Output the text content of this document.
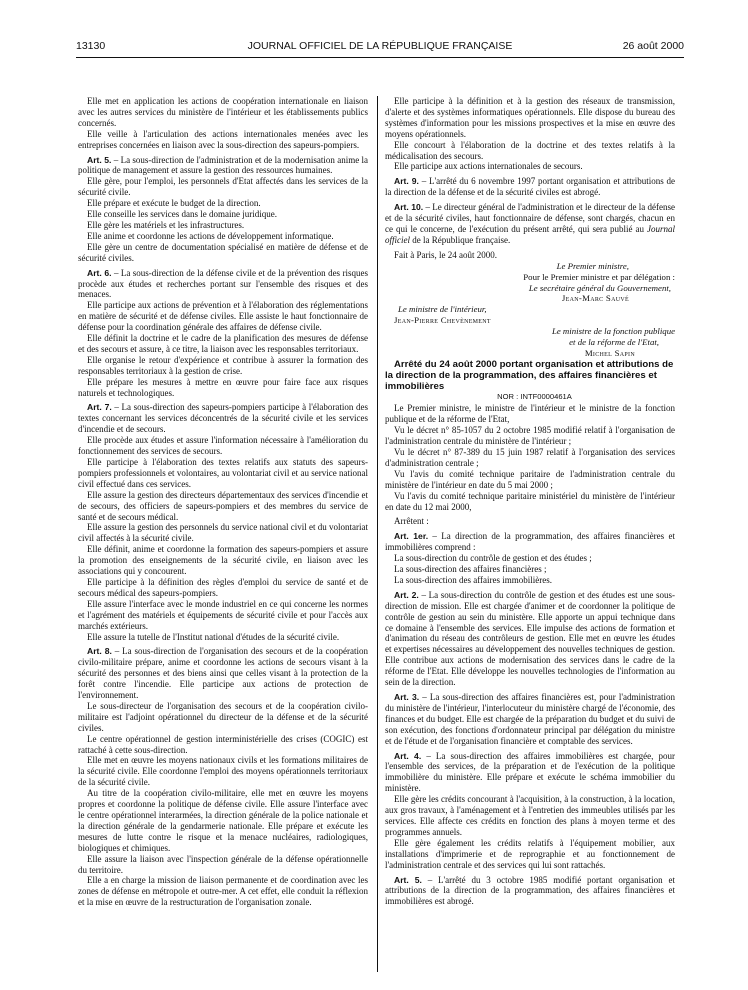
13130	JOURNAL OFFICIEL DE LA RÉPUBLIQUE FRANÇAISE	26 août 2000

Elle met en application les actions de coopération internationale en liaison avec les autres services du ministère de l'intérieur et les établissements publics concernés.

Elle veille à l'articulation des actions internationales menées avec les entreprises concernées en liaison avec la sous-direction des sapeurs-pompiers.

Art. 5. – La sous-direction de l'administration et de la modernisation anime la politique de management et assure la gestion des ressources humaines.

Elle gère, pour l'emploi, les personnels d'Etat affectés dans les services de la sécurité civile.

Elle prépare et exécute le budget de la direction.

Elle conseille les services dans le domaine juridique.

Elle gère les matériels et les infrastructures.

Elle anime et coordonne les actions de développement informatique.

Elle gère un centre de documentation spécialisé en matière de défense et de sécurité civiles.

Art. 6. – La sous-direction de la défense civile et de la prévention des risques procède aux études et recherches portant sur l'ensemble des risques et des menaces.

Elle participe aux actions de prévention et à l'élaboration des réglementations en matière de sécurité et de défense civiles. Elle assiste le haut fonctionnaire de défense pour la coordination générale des affaires de défense civile.

Elle définit la doctrine et le cadre de la planification des mesures de défense et des secours et assure, à ce titre, la liaison avec les responsables territoriaux.

Elle organise le retour d'expérience et contribue à assurer la formation des responsables territoriaux à la gestion de crise.

Elle prépare les mesures à mettre en œuvre pour faire face aux risques naturels et technologiques.

Art. 7. – La sous-direction des sapeurs-pompiers participe à l'élaboration des textes concernant les services déconcentrés de la sécurité civile et les services d'incendie et de secours.

Elle procède aux études et assure l'information nécessaire à l'amélioration du fonctionnement des services de secours.

Elle participe à l'élaboration des textes relatifs aux statuts des sapeurs-pompiers professionnels et volontaires, au volontariat civil et au service national civil effectué dans ces services.

Elle assure la gestion des directeurs départementaux des services d'incendie et de secours, des officiers de sapeurs-pompiers et des membres du service de santé et de secours médical.

Elle assure la gestion des personnels du service national civil et du volontariat civil affectés à la sécurité civile.

Elle définit, anime et coordonne la formation des sapeurs-pompiers et assure la promotion des enseignements de la sécurité civile, en liaison avec les associations qui y concourent.

Elle participe à la définition des règles d'emploi du service de santé et de secours médical des sapeurs-pompiers.

Elle assure l'interface avec le monde industriel en ce qui concerne les normes et l'agrément des matériels et équipements de sécurité civile et pour l'accès aux marchés extérieurs.

Elle assure la tutelle de l'Institut national d'études de la sécurité civile.

Art. 8. – La sous-direction de l'organisation des secours et de la coopération civilo-militaire prépare, anime et coordonne les actions de secours visant à la sécurité des personnes et des biens ainsi que celles visant à la protection de la forêt contre l'incendie. Elle participe aux actions de protection de l'environnement.

Le sous-directeur de l'organisation des secours et de la coopération civilo-militaire est l'adjoint opérationnel du directeur de la défense et de la sécurité civiles.

Le centre opérationnel de gestion interministérielle des crises (COGIC) est rattaché à cette sous-direction.

Elle met en œuvre les moyens nationaux civils et les formations militaires de la sécurité civile. Elle coordonne l'emploi des moyens opérationnels territoriaux de la sécurité civile.

Au titre de la coopération civilo-militaire, elle met en œuvre les moyens propres et coordonne la politique de défense civile. Elle assure l'interface avec le centre opérationnel interarmées, la direction générale de la police nationale et la direction générale de la gendarmerie nationale. Elle prépare et exécute les mesures de lutte contre le risque et la menace nucléaires, radiologiques, biologiques et chimiques.

Elle assure la liaison avec l'inspection générale de la défense opérationnelle du territoire.

Elle a en charge la mission de liaison permanente et de coordination avec les zones de défense en métropole et outre-mer. A cet effet, elle conduit la réflexion et la mise en œuvre de la restructuration de l'organisation zonale.

Elle participe à la définition et à la gestion des réseaux de transmission, d'alerte et des systèmes informatiques opérationnels. Elle dispose du bureau des systèmes d'information pour les missions prospectives et la mise en œuvre des moyens opérationnels.

Elle concourt à l'élaboration de la doctrine et des textes relatifs à la médicalisation des secours.

Elle participe aux actions internationales de secours.

Art. 9. – L'arrêté du 6 novembre 1997 portant organisation et attributions de la direction de la défense et de la sécurité civiles est abrogé.

Art. 10. – Le directeur général de l'administration et le directeur de la défense et de la sécurité civiles, haut fonctionnaire de défense, sont chargés, chacun en ce qui le concerne, de l'exécution du présent arrêté, qui sera publié au Journal officiel de la République française.

Fait à Paris, le 24 août 2000.

Le Premier ministre,

Pour le Premier ministre et par délégation :

Le secrétaire général du Gouvernement,

Jean-Marc Sauvé

Le ministre de l'intérieur,

Jean-Pierre Chevènement

Le ministre de la fonction publique

et de la réforme de l'Etat,

Michel Sapin

Arrêté du 24 août 2000 portant organisation et attributions de la direction de la programmation, des affaires financières et immobilières

NOR : INTF0000461A

Le Premier ministre, le ministre de l'intérieur et le ministre de la fonction publique et de la réforme de l'Etat,

Vu le décret n° 85-1057 du 2 octobre 1985 modifié relatif à l'organisation de l'administration centrale du ministère de l'intérieur ;

Vu le décret n° 87-389 du 15 juin 1987 relatif à l'organisation des services d'administration centrale ;

Vu l'avis du comité technique paritaire de l'administration centrale du ministère de l'intérieur en date du 5 mai 2000 ;

Vu l'avis du comité technique paritaire ministériel du ministère de l'intérieur en date du 12 mai 2000,

Arrêtent :

Art. 1er. – La direction de la programmation, des affaires financières et immobilières comprend :

La sous-direction du contrôle de gestion et des études ;

La sous-direction des affaires financières ;

La sous-direction des affaires immobilières.

Art. 2. – La sous-direction du contrôle de gestion et des études est une sous-direction de mission. Elle est chargée d'animer et de coordonner la politique de contrôle de gestion au sein du ministère. Elle apporte un appui technique dans ce domaine à l'ensemble des services. Elle impulse des actions de formation et d'animation du réseau des contrôleurs de gestion. Elle met en œuvre les études et expertises nécessaires au développement des nouvelles techniques de gestion. Elle contribue aux actions de modernisation des services dans le cadre de la réforme de l'Etat. Elle développe les nouvelles technologies de l'information au sein de la direction.

Art. 3. – La sous-direction des affaires financières est, pour l'administration du ministère de l'intérieur, l'interlocuteur du ministère chargé de l'économie, des finances et du budget. Elle est chargée de la préparation du budget et du suivi de son exécution, des fonctions d'ordonnateur principal par délégation du ministre et de l'étude et de l'organisation financière et comptable des services.

Art. 4. – La sous-direction des affaires immobilières est chargée, pour l'ensemble des services, de la préparation et de l'exécution de la politique immobilière du ministère. Elle prépare et exécute le schéma immobilier du ministère.

Elle gère les crédits concourant à l'acquisition, à la construction, à la location, aux gros travaux, à l'aménagement et à l'entretien des immeubles utilisés par les services. Elle affecte ces crédits en fonction des plans à moyen terme et des programmes annuels.

Elle gère également les crédits relatifs à l'équipement mobilier, aux installations d'imprimerie et de reprographie et au fonctionnement de l'administration centrale et des services qui lui sont rattachés.

Art. 5. – L'arrêté du 3 octobre 1985 modifié portant organisation et attributions de la direction de la programmation, des affaires financières et immobilières est abrogé.
